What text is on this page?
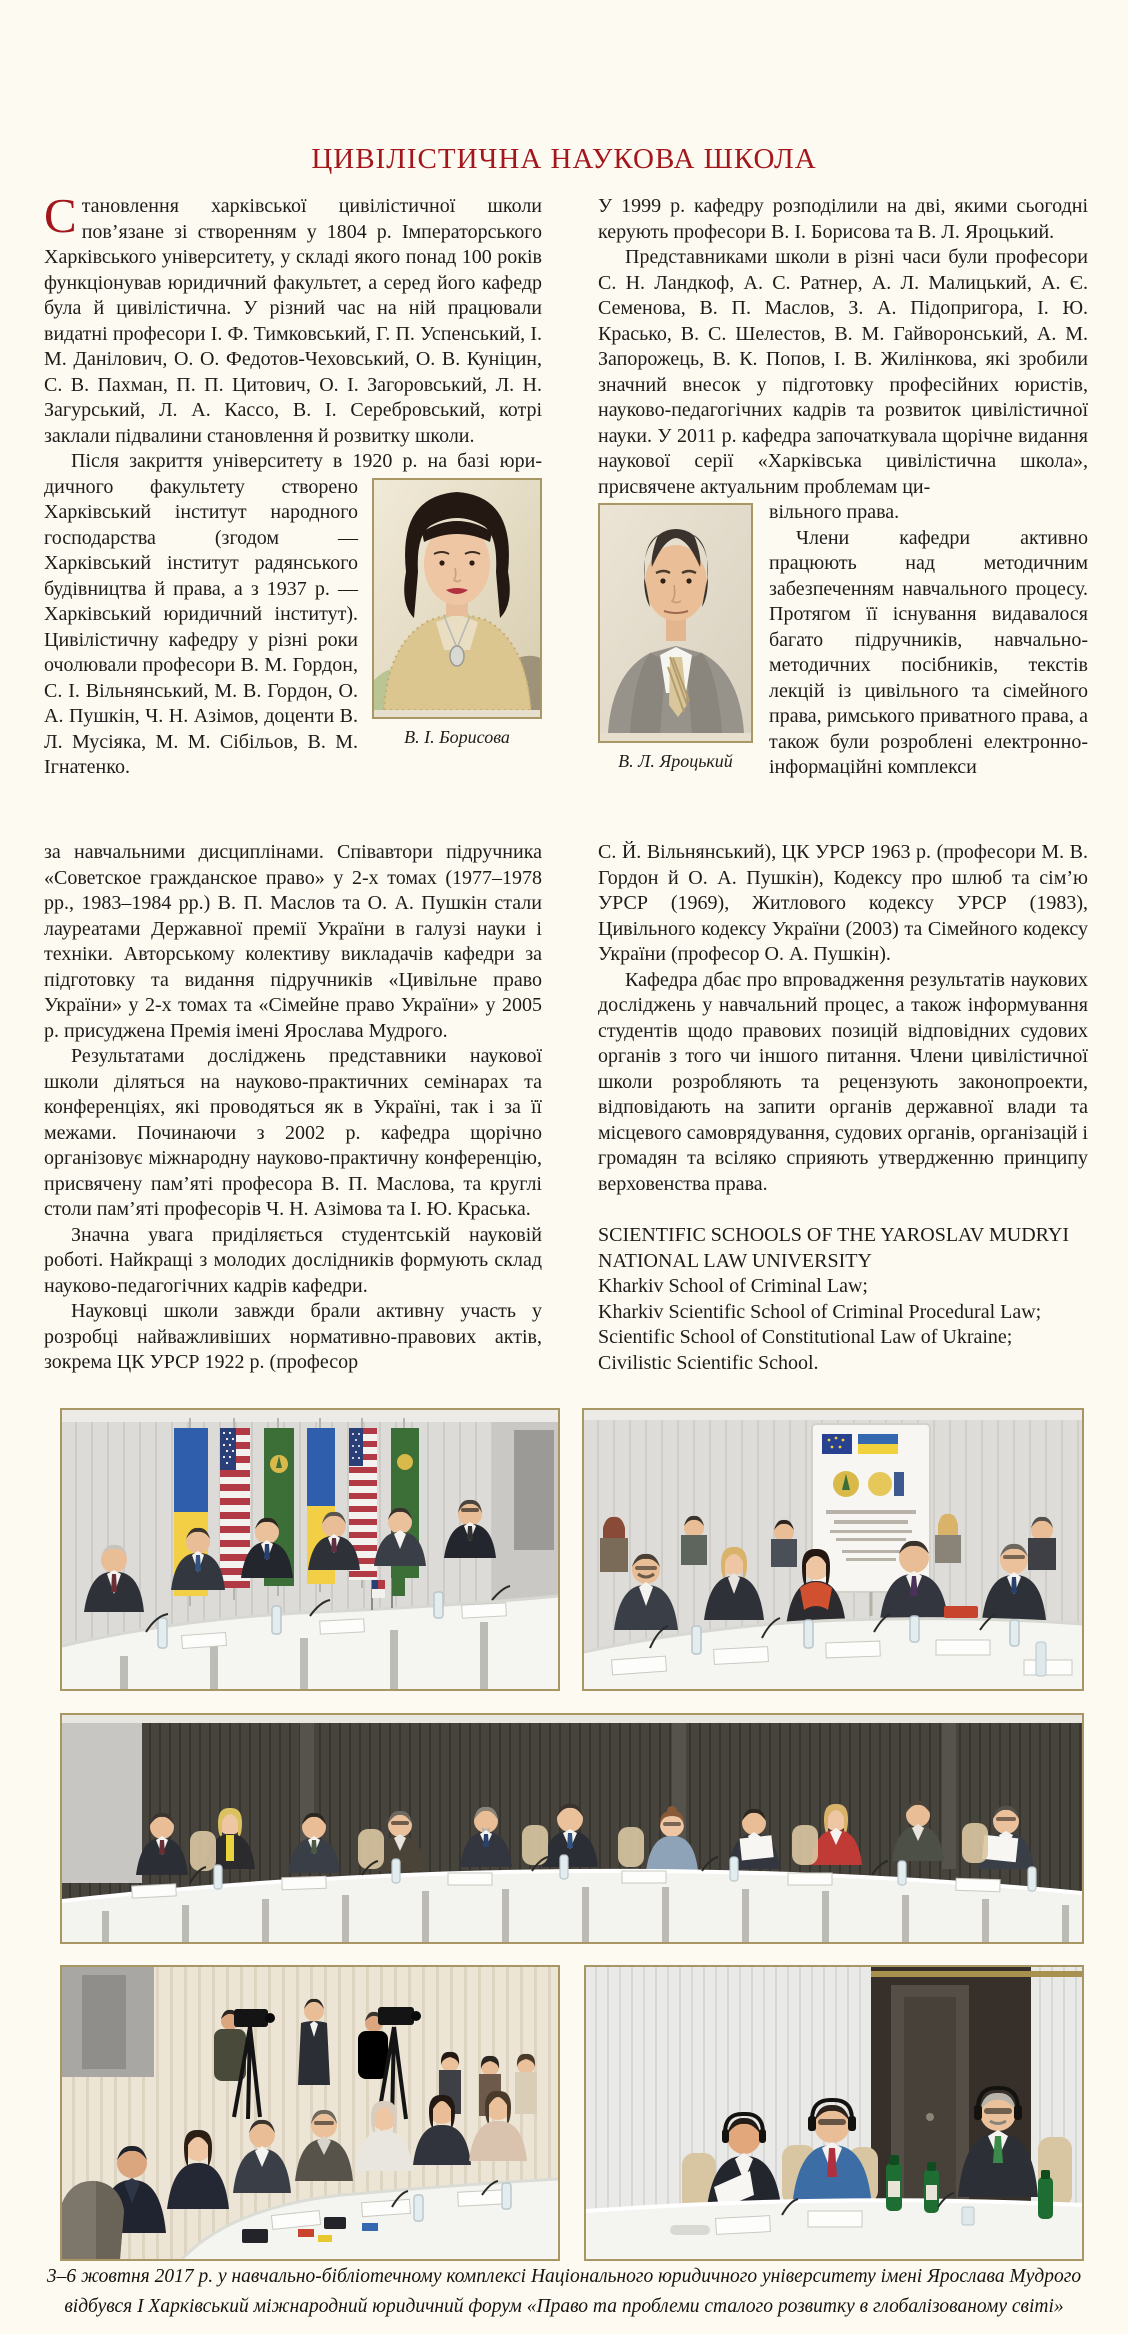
ЦИВІЛІСТИЧНА НАУКОВА ШКОЛА

Становлення харківської цивілістичної школи пов’язане зі створенням у 1804 р. Імператорського Харківського університету, у складі якого понад 100 років функціонував юридичний факультет, а серед його кафедр була й цивілістична. У різний час на ній працювали видатні професори І. Ф. Тимковський, Г. П. Успенський, І. М. Данілович, О. О. Федотов-Чеховський, О. В. Куніцин, С. В. Пахман, П. П. Цитович, О. І. Загоровський, Л. Н. Загурський, Л. А. Кассо, В. І. Серебровський, котрі заклали підвалини становлення й розвитку школи.

Після закриття університету в 1920 р. на базі юри-

В. І. Борисова

дичного факультету створено Харківський інститут народного господарства (згодом — Харківський інститут радянського будівництва й права, а з 1937 р. — Харківський юридичний інститут). Цивілістичну кафедру у різні роки очолювали професори В. М. Гордон, С. І. Вільнянський, М. В. Гордон, О. А. Пушкін, Ч. Н. Азімов, доценти В. Л. Мусіяка, М. М. Сібільов, В. М. Ігнатенко.

У 1999 р. кафедру розподілили на дві, якими сьогодні керують професори В. І. Борисова та В. Л. Яроцький.

Представниками школи в різні часи були професори С. Н. Ландкоф, А. С. Ратнер, А. Л. Малицький, А. Є. Семенова, В. П. Маслов, З. А. Підопригора, І. Ю. Красько, В. С. Шелестов, В. М. Гайворонський, А. М. Запорожець, В. К. Попов, І. В. Жилінкова, які зробили значний внесок у підготовку професійних юристів, науково-педагогічних кадрів та розвиток цивілістичної науки. У 2011 р. кафедра започаткувала щорічне видання наукової серії «Харківська цивілістична школа», присвячене актуальним проблемам ци-

В. Л. Яроцький

вільного права.

Члени кафедри активно працюють над методичним забезпеченням навчального процесу. Протягом її існування видавалося багато підручників, навчально-методичних посібників, текстів лекцій із цивільного та сімейного права, римського приватного права, а також були розроблені електронно-інформаційні комплекси

за навчальними дисциплінами. Співавтори підручника «Советское гражданское право» у 2-х томах (1977–1978 рр., 1983–1984 рр.) В. П. Маслов та О. А. Пушкін стали лауреатами Державної премії України в галузі науки і техніки. Авторському колективу викладачів кафедри за підготовку та видання підручників «Цивільне право України» у 2-х томах та «Сімейне право України» у 2005 р. присуджена Премія імені Ярослава Мудрого.

Результатами досліджень представники наукової школи діляться на науково-практичних семінарах та конференціях, які проводяться як в Україні, так і за її межами. Починаючи з 2002 р. кафедра щорічно організовує міжнародну науково-практичну конференцію, присвячену пам’яті професора В. П. Маслова, та круглі столи пам’яті професорів Ч. Н. Азімова та І. Ю. Краська.

Значна увага приділяється студентській науковій роботі. Найкращі з молодих дослідників формують склад науково-педагогічних кадрів кафедри.

Науковці школи завжди брали активну участь у розробці найважливіших нормативно-правових актів, зокрема ЦК УРСР 1922 р. (професор

С. Й. Вільнянський), ЦК УРСР 1963 р. (професори М. В. Гордон й О. А. Пушкін), Кодексу про шлюб та сім’ю УРСР (1969), Житлового кодексу УРСР (1983), Цивільного кодексу України (2003) та Сімейного кодексу України (професор О. А. Пушкін).

Кафедра дбає про впровадження результатів наукових досліджень у навчальний процес, а також інформування студентів щодо правових позицій відповідних судових органів з того чи іншого питання. Члени цивілістичної школи розробляють та рецензують законопроекти, відповідають на запити органів державної влади та місцевого самоврядування, судових органів, організацій і громадян та всіляко сприяють утвердженню принципу верховенства права.

SCIENTIFIC SCHOOLS OF THE YAROSLAV MUDRYI NATIONAL LAW UNIVERSITY

Kharkiv School of Criminal Law;

Kharkiv Scientific School of Criminal Procedural Law;

Scientific School of Constitutional Law of Ukraine;

Civilistic Scientific School.

3–6 жовтня 2017 р. у навчально-бібліотечному комплексі Національного юридичного університету імені Ярослава Мудрого
відбувся І Харківський міжнародний юридичний форум «Право та проблеми сталого розвитку в глобалізованому світі»
